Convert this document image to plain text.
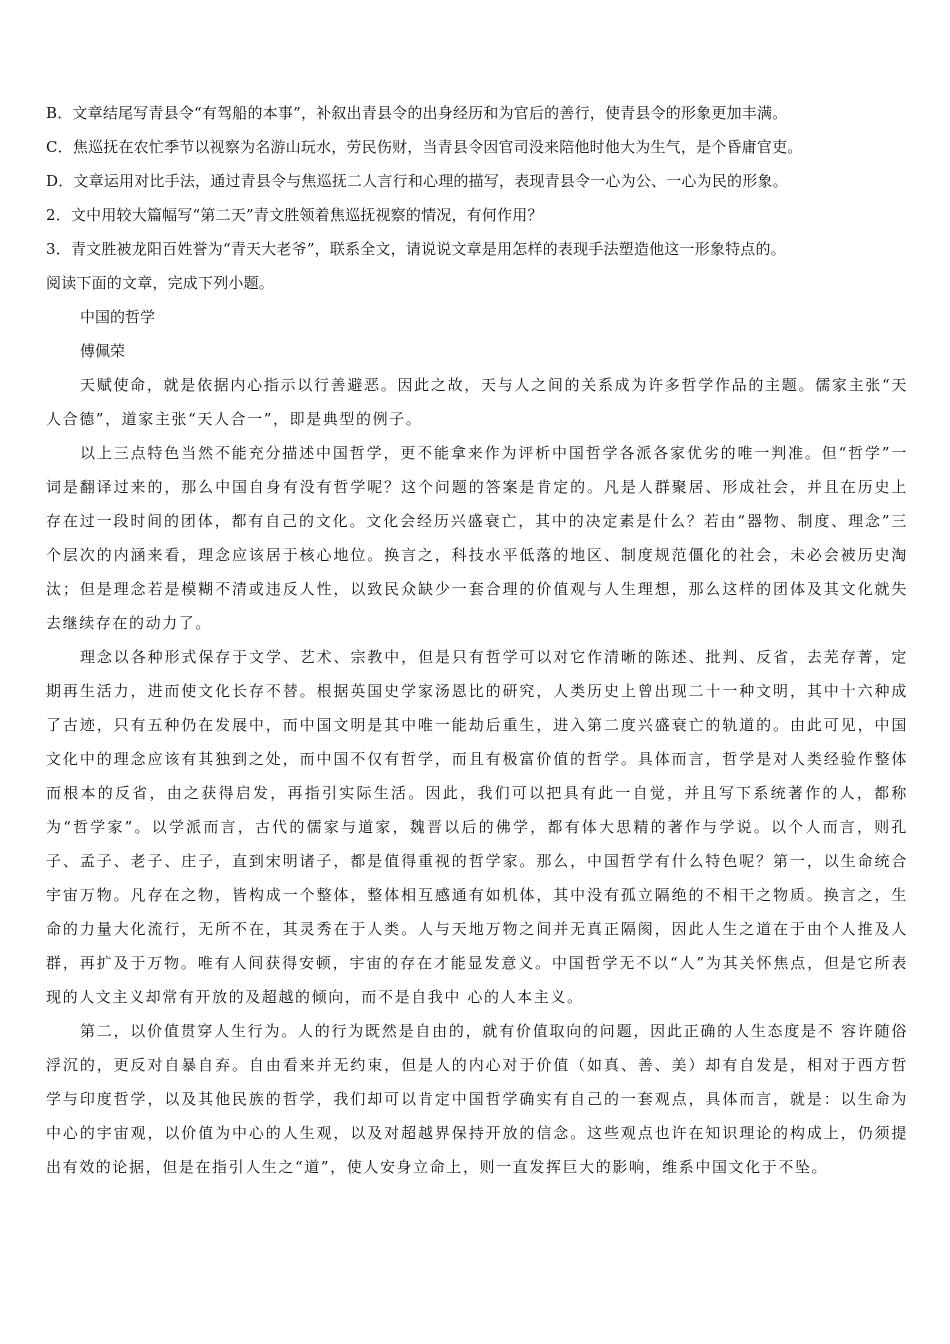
B．文章结尾写青县令“有驾船的本事”，补叙出青县令的出身经历和为官后的善行，使青县令的形象更加丰满。
C．焦巡抚在农忙季节以视察为名游山玩水，劳民伤财，当青县令因官司没来陪他时他大为生气，是个昏庸官吏。
D．文章运用对比手法，通过青县令与焦巡抚二人言行和心理的描写，表现青县令一心为公、一心为民的形象。
2．文中用较大篇幅写“第二天”青文胜领着焦巡抚视察的情况，有何作用？
3．青文胜被龙阳百姓誉为“青天大老爷”，联系全文，请说说文章是用怎样的表现手法塑造他这一形象特点的。
阅读下面的文章，完成下列小题。
中国的哲学
傅佩荣

天赋使命，就是依据内心指示以行善避恶。因此之故，天与人之间的关系成为许多哲学作品的主题。儒家主张“天人合德”，道家主张“天人合一”，即是典型的例子。

以上三点特色当然不能充分描述中国哲学，更不能拿来作为评析中国哲学各派各家优劣的唯一判准。但“哲学”一词是翻译过来的，那么中国自身有没有哲学呢？这个问题的答案是肯定的。凡是人群聚居、形成社会，并且在历史上存在过一段时间的团体，都有自己的文化。文化会经历兴盛衰亡，其中的决定素是什么？若由“器物、制度、理念”三个层次的内涵来看，理念应该居于核心地位。换言之，科技水平低落的地区、制度规范僵化的社会，未必会被历史淘汰；但是理念若是模糊不清或违反人性，以致民众缺少一套合理的价值观与人生理想，那么这样的团体及其文化就失去继续存在的动力了。

理念以各种形式保存于文学、艺术、宗教中，但是只有哲学可以对它作清晰的陈述、批判、反省，去芜存菁，定期再生活力，进而使文化长存不替。根据英国史学家汤恩比的研究，人类历史上曾出现二十一种文明，其中十六种成了古迹，只有五种仍在发展中，而中国文明是其中唯一能劫后重生，进入第二度兴盛衰亡的轨道的。由此可见，中国文化中的理念应该有其独到之处，而中国不仅有哲学，而且有极富价值的哲学。具体而言，哲学是对人类经验作整体而根本的反省，由之获得启发，再指引实际生活。因此，我们可以把具有此一自觉，并且写下系统著作的人，都称为“哲学家”。以学派而言，古代的儒家与道家，魏晋以后的佛学，都有体大思精的著作与学说。以个人而言，则孔子、孟子、老子、庄子，直到宋明诸子，都是值得重视的哲学家。那么，中国哲学有什么特色呢？第一，以生命统合宇宙万物。凡存在之物，皆构成一个整体，整体相互感通有如机体，其中没有孤立隔绝的不相干之物质。换言之，生命的力量大化流行，无所不在，其灵秀在于人类。人与天地万物之间并无真正隔阂，因此人生之道在于由个人推及人群，再扩及于万物。唯有人间获得安顿，宇宙的存在才能显发意义。中国哲学无不以“人”为其关怀焦点，但是它所表现的人文主义却常有开放的及超越的倾向，而不是自我中 心的人本主义。

第二，以价值贯穿人生行为。人的行为既然是自由的，就有价值取向的问题，因此正确的人生态度是不 容许随俗浮沉的，更反对自暴自弃。自由看来并无约束，但是人的内心对于价值（如真、善、美）却有自发是，相对于西方哲学与印度哲学，以及其他民族的哲学，我们却可以肯定中国哲学确实有自己的一套观点，具体而言，就是：以生命为中心的宇宙观，以价值为中心的人生观，以及对超越界保持开放的信念。这些观点也许在知识理论的构成上，仍须提出有效的论据，但是在指引人生之“道”，使人安身立命上，则一直发挥巨大的影响，维系中国文化于不坠。
